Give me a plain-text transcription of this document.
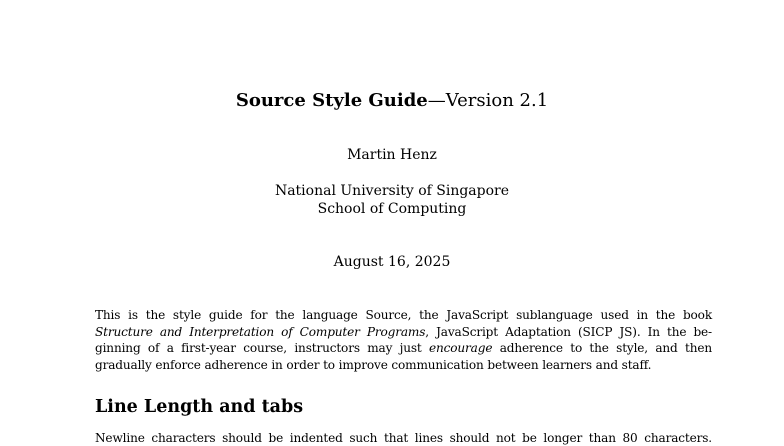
Source Style Guide—Version 2.1
Martin Henz
National University of Singapore
School of Computing
August 16, 2025
This is the style guide for the language Source, the JavaScript sublanguage used in the book
Structure and Interpretation of Computer Programs, JavaScript Adaptation (SICP JS). In the be-
ginning of a first-year course, instructors may just encourage adherence to the style, and then
gradually enforce adherence in order to improve communication between learners and staff.
Line Length and tabs
Newline characters should be indented such that lines should not be longer than 80 characters.
